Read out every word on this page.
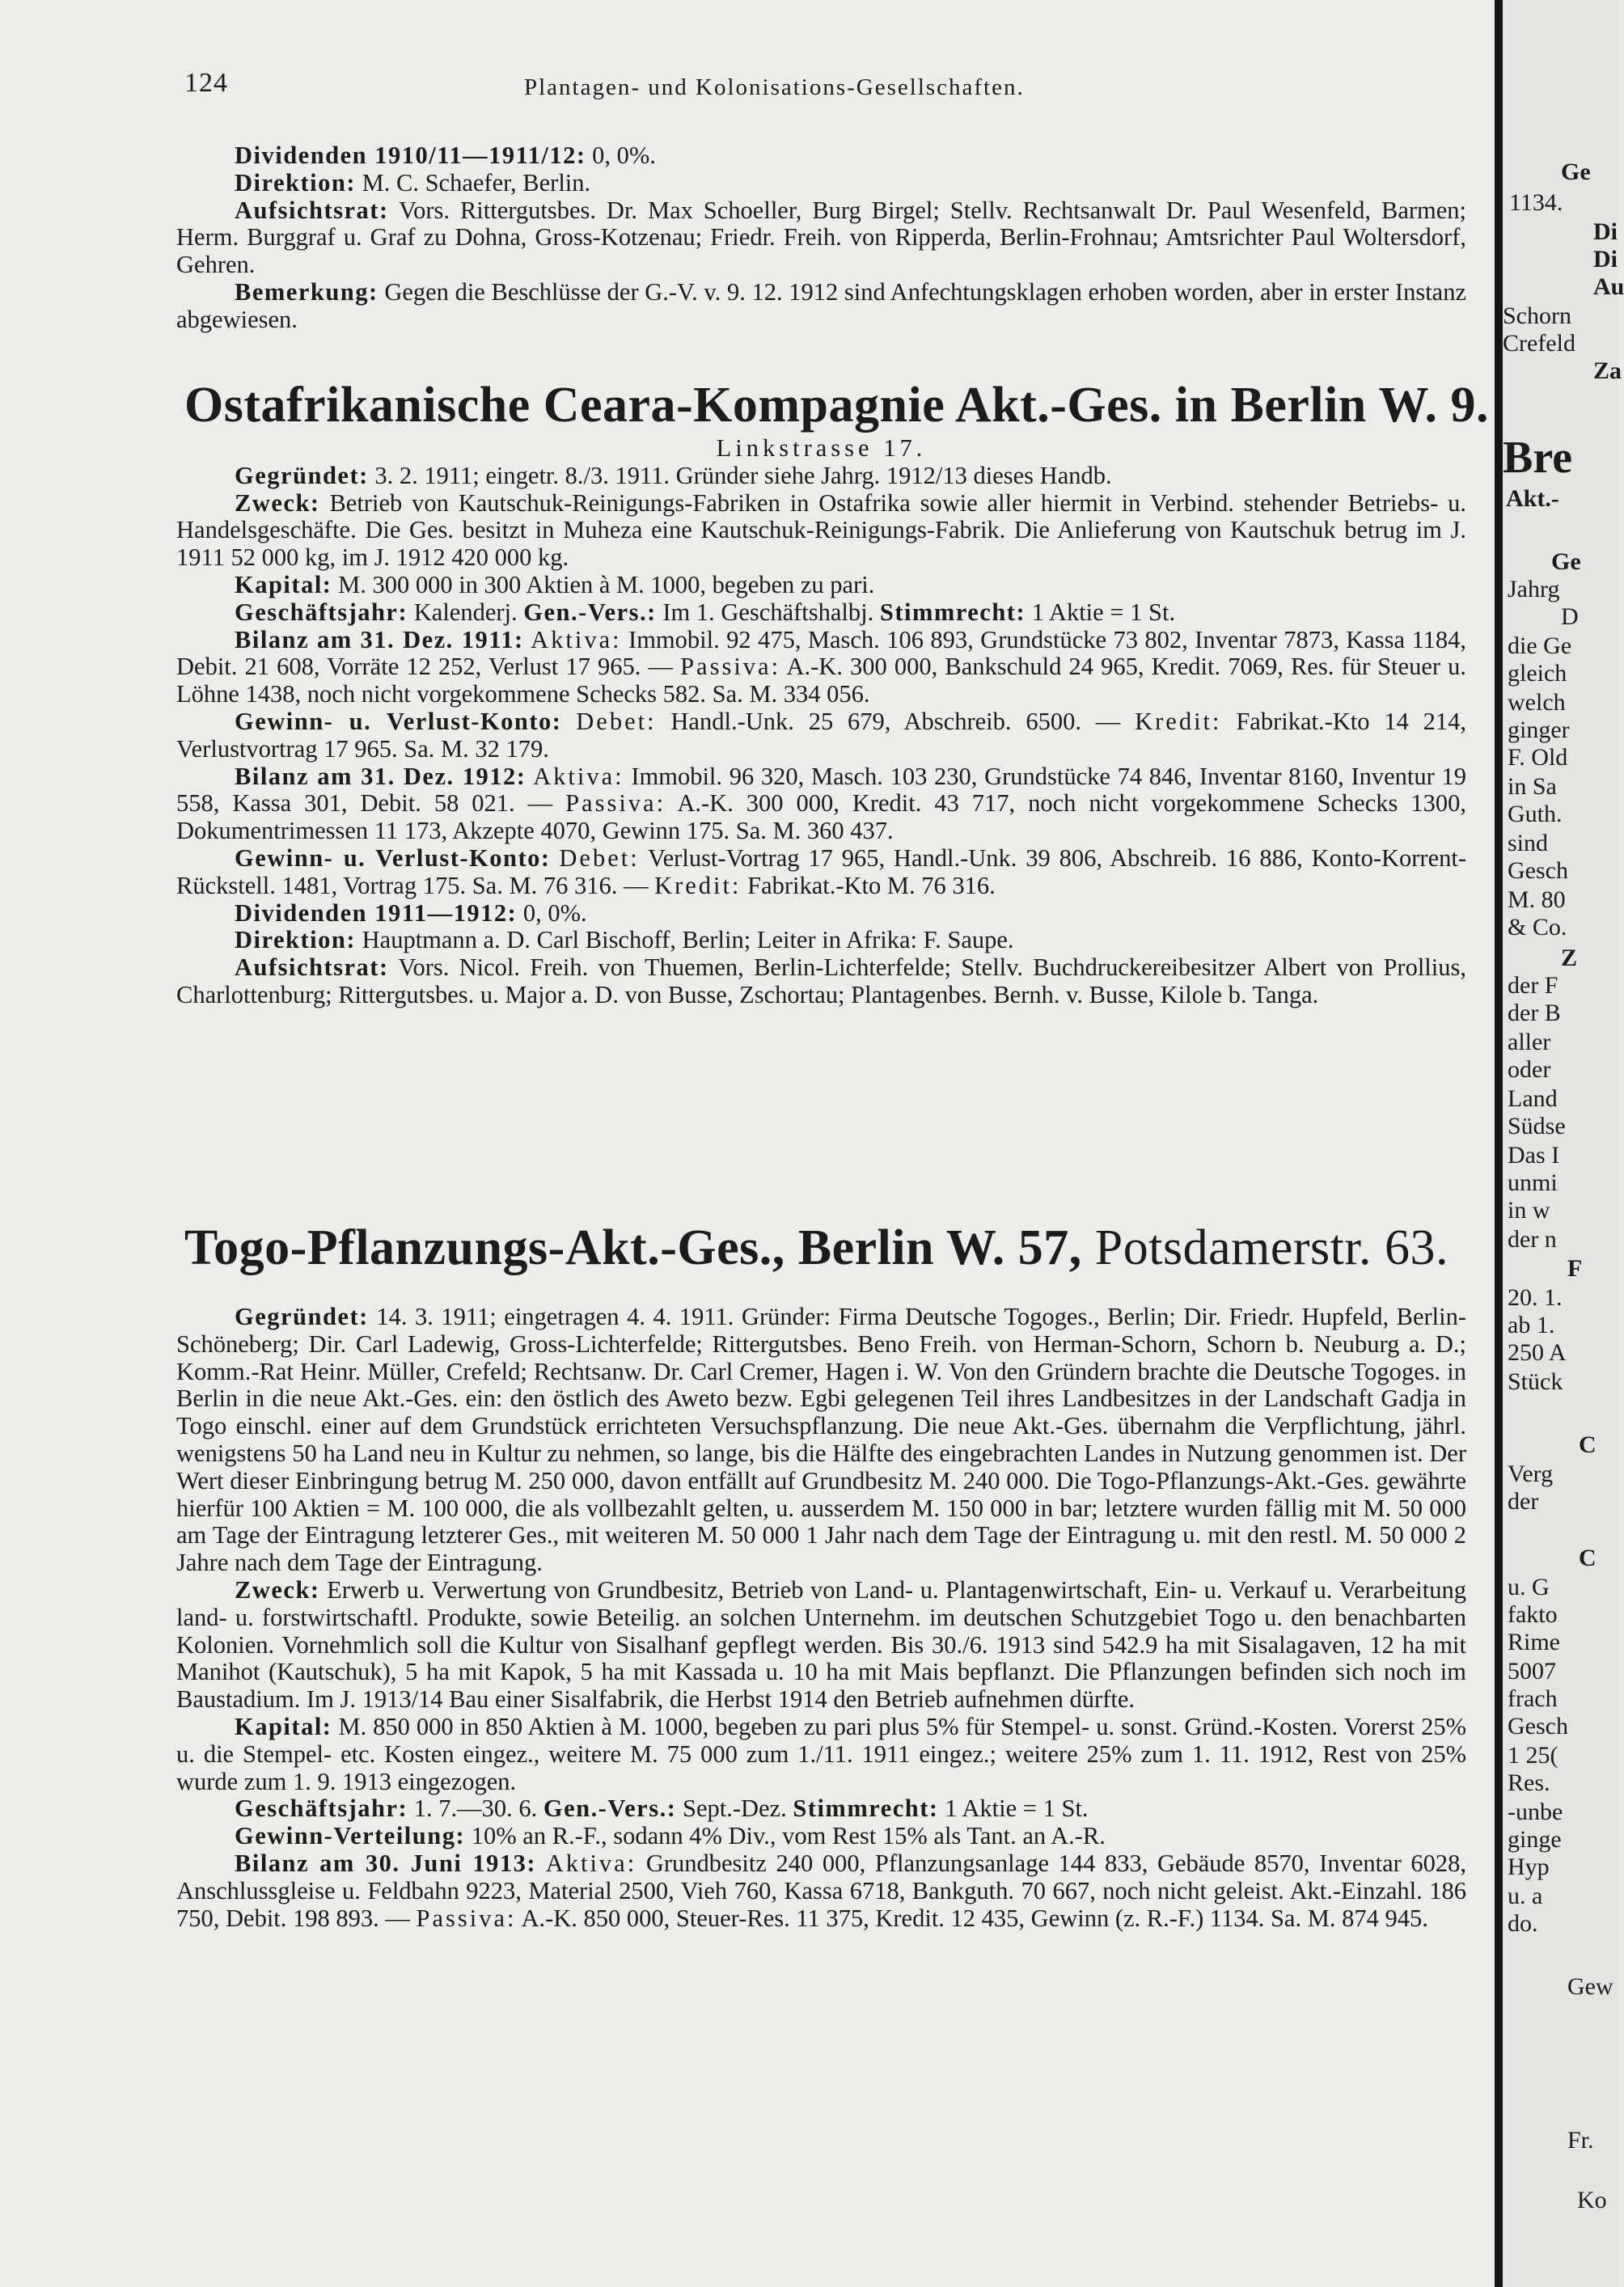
124	Plantagen- und Kolonisations-Gesellschaften.

Dividenden 1910/11—1911/12: 0, 0%.

Direktion: M. C. Schaefer, Berlin.

Aufsichtsrat: Vors. Rittergutsbes. Dr. Max Schoeller, Burg Birgel; Stellv. Rechtsanwalt Dr. Paul Wesenfeld, Barmen; Herm. Burggraf u. Graf zu Dohna, Gross-Kotzenau; Friedr. Freih. von Ripperda, Berlin-Frohnau; Amtsrichter Paul Woltersdorf, Gehren.

Bemerkung: Gegen die Beschlüsse der G.-V. v. 9. 12. 1912 sind Anfechtungsklagen erhoben worden, aber in erster Instanz abgewiesen.

Ostafrikanische Ceara-Kompagnie Akt.-Ges. in Berlin W. 9.

Linkstrasse 17.

Gegründet: 3. 2. 1911; eingetr. 8./3. 1911. Gründer siehe Jahrg. 1912/13 dieses Handb.

Zweck: Betrieb von Kautschuk-Reinigungs-Fabriken in Ostafrika sowie aller hiermit in Verbind. stehender Betriebs- u. Handelsgeschäfte. Die Ges. besitzt in Muheza eine Kautschuk-Reinigungs-Fabrik. Die Anlieferung von Kautschuk betrug im J. 1911 52 000 kg, im J. 1912 420 000 kg.

Kapital: M. 300 000 in 300 Aktien à M. 1000, begeben zu pari.

Geschäftsjahr: Kalenderj. Gen.-Vers.: Im 1. Geschäftshalbj. Stimmrecht: 1 Aktie = 1 St.

Bilanz am 31. Dez. 1911: Aktiva: Immobil. 92 475, Masch. 106 893, Grundstücke 73 802, Inventar 7873, Kassa 1184, Debit. 21 608, Vorräte 12 252, Verlust 17 965. — Passiva: A.-K. 300 000, Bankschuld 24 965, Kredit. 7069, Res. für Steuer u. Löhne 1438, noch nicht vorgekommene Schecks 582. Sa. M. 334 056.

Gewinn- u. Verlust-Konto: Debet: Handl.-Unk. 25 679, Abschreib. 6500. — Kredit: Fabrikat.-Kto 14 214, Verlustvortrag 17 965. Sa. M. 32 179.

Bilanz am 31. Dez. 1912: Aktiva: Immobil. 96 320, Masch. 103 230, Grundstücke 74 846, Inventar 8160, Inventur 19 558, Kassa 301, Debit. 58 021. — Passiva: A.-K. 300 000, Kredit. 43 717, noch nicht vorgekommene Schecks 1300, Dokumentrimessen 11 173, Akzepte 4070, Gewinn 175. Sa. M. 360 437.

Gewinn- u. Verlust-Konto: Debet: Verlust-Vortrag 17 965, Handl.-Unk. 39 806, Abschreib. 16 886, Konto-Korrent-Rückstell. 1481, Vortrag 175. Sa. M. 76 316. — Kredit: Fabrikat.-Kto M. 76 316.

Dividenden 1911—1912: 0, 0%.

Direktion: Hauptmann a. D. Carl Bischoff, Berlin; Leiter in Afrika: F. Saupe.

Aufsichtsrat: Vors. Nicol. Freih. von Thuemen, Berlin-Lichterfelde; Stellv. Buchdruckereibesitzer Albert von Prollius, Charlottenburg; Rittergutsbes. u. Major a. D. von Busse, Zschortau; Plantagenbes. Bernh. v. Busse, Kilole b. Tanga.

Togo-Pflanzungs-Akt.-Ges., Berlin W. 57, Potsdamerstr. 63.

Gegründet: 14. 3. 1911; eingetragen 4. 4. 1911. Gründer: Firma Deutsche Togoges., Berlin; Dir. Friedr. Hupfeld, Berlin-Schöneberg; Dir. Carl Ladewig, Gross-Lichterfelde; Rittergutsbes. Beno Freih. von Herman-Schorn, Schorn b. Neuburg a. D.; Komm.-Rat Heinr. Müller, Crefeld; Rechtsanw. Dr. Carl Cremer, Hagen i. W. Von den Gründern brachte die Deutsche Togoges. in Berlin in die neue Akt.-Ges. ein: den östlich des Aweto bezw. Egbi gelegenen Teil ihres Landbesitzes in der Landschaft Gadja in Togo einschl. einer auf dem Grundstück errichteten Versuchspflanzung. Die neue Akt.-Ges. übernahm die Verpflichtung, jährl. wenigstens 50 ha Land neu in Kultur zu nehmen, so lange, bis die Hälfte des eingebrachten Landes in Nutzung genommen ist. Der Wert dieser Einbringung betrug M. 250 000, davon entfällt auf Grundbesitz M. 240 000. Die Togo-Pflanzungs-Akt.-Ges. gewährte hierfür 100 Aktien = M. 100 000, die als vollbezahlt gelten, u. ausserdem M. 150 000 in bar; letztere wurden fällig mit M. 50 000 am Tage der Eintragung letzterer Ges., mit weiteren M. 50 000 1 Jahr nach dem Tage der Eintragung u. mit den restl. M. 50 000 2 Jahre nach dem Tage der Eintragung.

Zweck: Erwerb u. Verwertung von Grundbesitz, Betrieb von Land- u. Plantagenwirtschaft, Ein- u. Verkauf u. Verarbeitung land- u. forstwirtschaftl. Produkte, sowie Beteilig. an solchen Unternehm. im deutschen Schutzgebiet Togo u. den benachbarten Kolonien. Vornehmlich soll die Kultur von Sisalhanf gepflegt werden. Bis 30./6. 1913 sind 542.9 ha mit Sisalagaven, 12 ha mit Manihot (Kautschuk), 5 ha mit Kapok, 5 ha mit Kassada u. 10 ha mit Mais bepflanzt. Die Pflanzungen befinden sich noch im Baustadium. Im J. 1913/14 Bau einer Sisalfabrik, die Herbst 1914 den Betrieb aufnehmen dürfte.

Kapital: M. 850 000 in 850 Aktien à M. 1000, begeben zu pari plus 5% für Stempel- u. sonst. Gründ.-Kosten. Vorerst 25% u. die Stempel- etc. Kosten eingez., weitere M. 75 000 zum 1./11. 1911 eingez.; weitere 25% zum 1. 11. 1912, Rest von 25% wurde zum 1. 9. 1913 eingezogen.

Geschäftsjahr: 1. 7.—30. 6. Gen.-Vers.: Sept.-Dez. Stimmrecht: 1 Aktie = 1 St.

Gewinn-Verteilung: 10% an R.-F., sodann 4% Div., vom Rest 15% als Tant. an A.-R.

Bilanz am 30. Juni 1913: Aktiva: Grundbesitz 240 000, Pflanzungsanlage 144 833, Gebäude 8570, Inventar 6028, Anschlussgleise u. Feldbahn 9223, Material 2500, Vieh 760, Kassa 6718, Bankguth. 70 667, noch nicht geleist. Akt.-Einzahl. 186 750, Debit. 198 893. — Passiva: A.-K. 850 000, Steuer-Res. 11 375, Kredit. 12 435, Gewinn (z. R.-F.) 1134. Sa. M. 874 945.

Ge
1134.
Di
Di
Au
Schorn
Crefeld
Za
Bre
Akt.-
Ge
Jahrg
D
die Ge
gleich
welch
ginger
F. Old
in Sa
Guth.
sind
Gesch
M. 80
& Co.
Z
der F
der B
aller
oder
Land
Südse
Das I
unmi
in w
der n
F
20. 1.
ab 1.
250 A
Stück
C
Verg
der
C
u. G
fakto
Rime
5007
frach
Gesch
1 25(
Res.
-unbe
ginge
Hyp
u. a
do.
Gew
Fr.
Ko
